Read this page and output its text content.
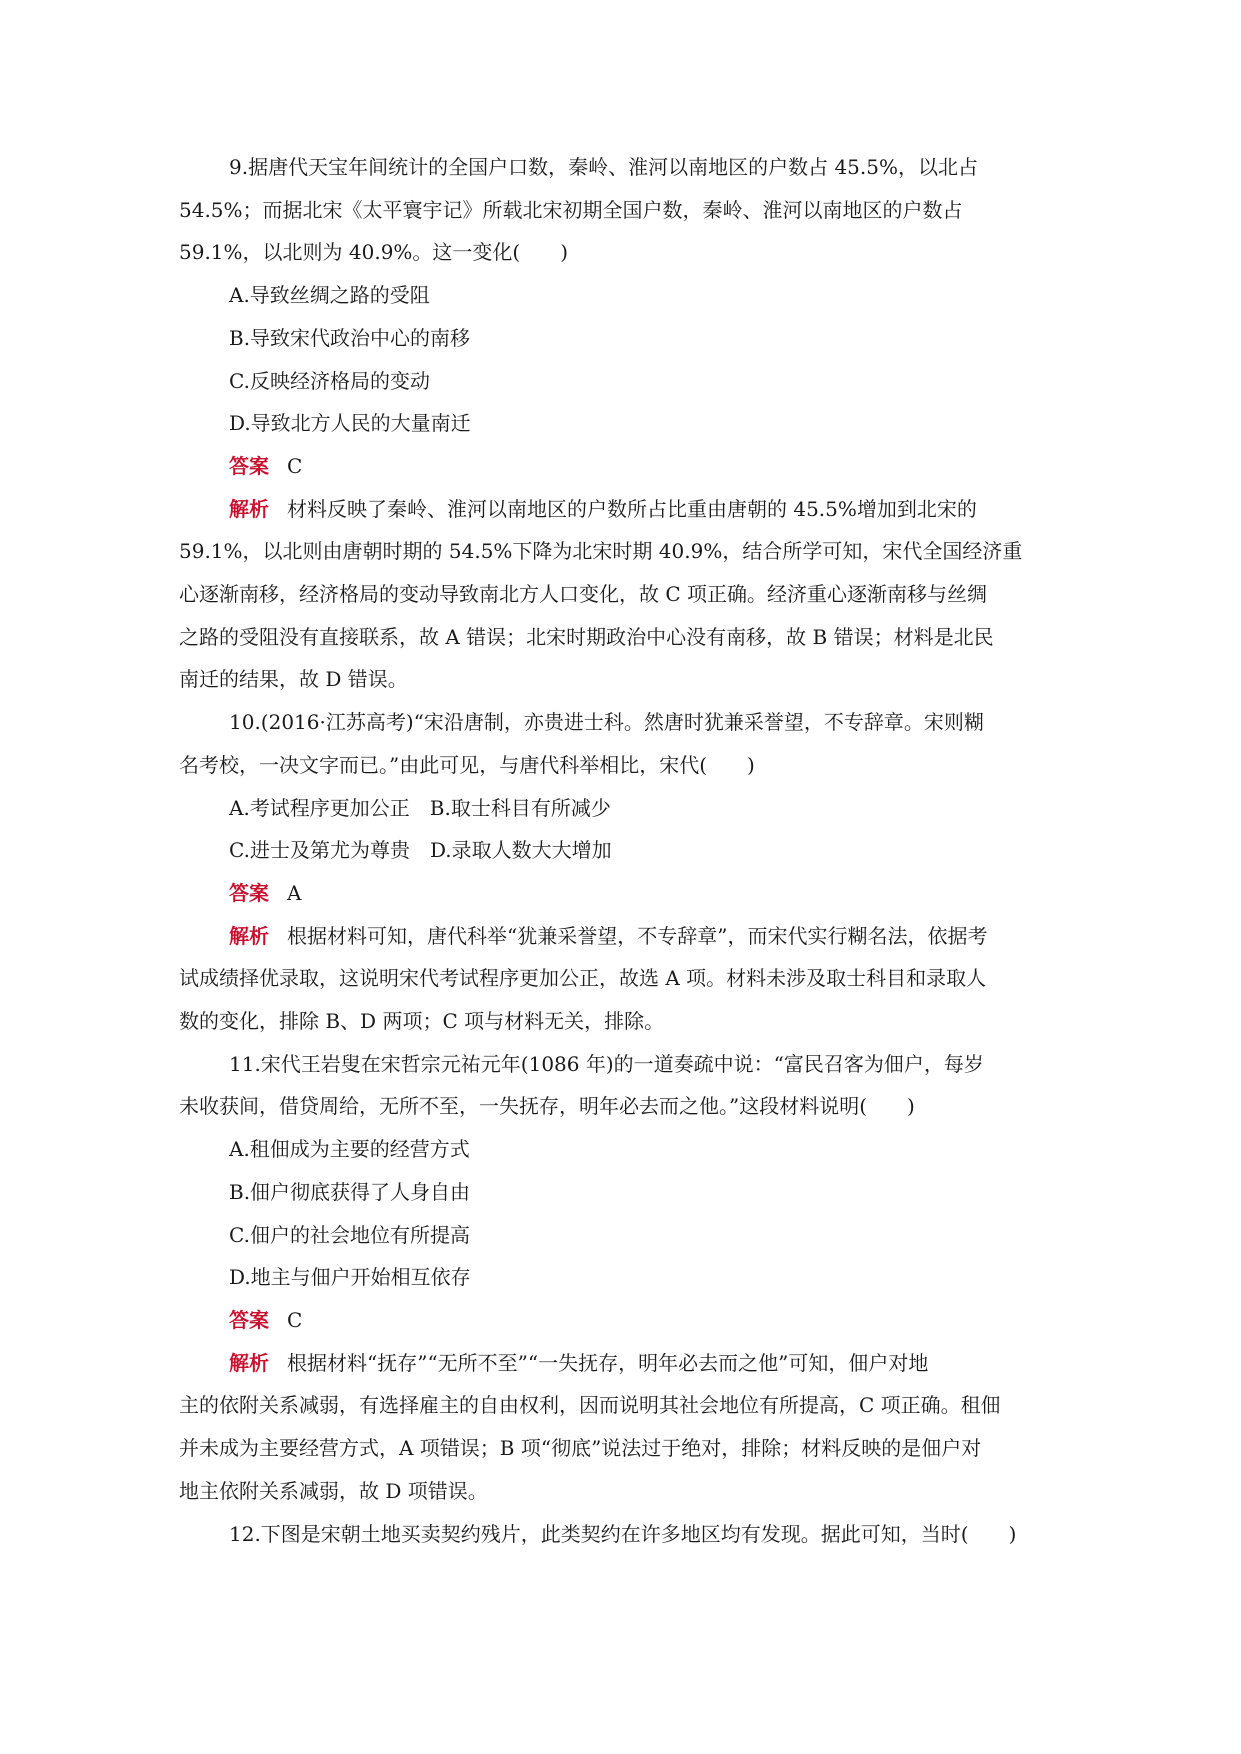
9.据唐代天宝年间统计的全国户口数，秦岭、淮河以南地区的户数占 45.5%，以北占
54.5%；而据北宋《太平寰宇记》所载北宋初期全国户数，秦岭、淮河以南地区的户数占
59.1%，以北则为 40.9%。这一变化(　　)
A.导致丝绸之路的受阻
B.导致宋代政治中心的南移
C.反映经济格局的变动
D.导致北方人民的大量南迁
答案 C
解析 材料反映了秦岭、淮河以南地区的户数所占比重由唐朝的 45.5%增加到北宋的
59.1%，以北则由唐朝时期的 54.5%下降为北宋时期 40.9%，结合所学可知，宋代全国经济重
心逐渐南移，经济格局的变动导致南北方人口变化，故 C 项正确。经济重心逐渐南移与丝绸
之路的受阻没有直接联系，故 A 错误；北宋时期政治中心没有南移，故 B 错误；材料是北民
南迁的结果，故 D 错误。
10.(2016·江苏高考)“宋沿唐制，亦贵进士科。然唐时犹兼采誉望，不专辞章。宋则糊
名考校，一决文字而已。”由此可见，与唐代科举相比，宋代(　　)
A.考试程序更加公正　B.取士科目有所减少
C.进士及第尤为尊贵　D.录取人数大大增加
答案 A
解析 根据材料可知，唐代科举“犹兼采誉望，不专辞章”，而宋代实行糊名法，依据考
试成绩择优录取，这说明宋代考试程序更加公正，故选 A 项。材料未涉及取士科目和录取人
数的变化，排除 B、D 两项；C 项与材料无关，排除。
11.宋代王岩叟在宋哲宗元祐元年(1086 年)的一道奏疏中说：“富民召客为佃户，每岁
未收获间，借贷周给，无所不至，一失抚存，明年必去而之他。”这段材料说明(　　)
A.租佃成为主要的经营方式
B.佃户彻底获得了人身自由
C.佃户的社会地位有所提高
D.地主与佃户开始相互依存
答案 C
解析 根据材料“抚存”“无所不至”“一失抚存，明年必去而之他”可知，佃户对地
主的依附关系减弱，有选择雇主的自由权利，因而说明其社会地位有所提高，C 项正确。租佃
并未成为主要经营方式，A 项错误；B 项“彻底”说法过于绝对，排除；材料反映的是佃户对
地主依附关系减弱，故 D 项错误。
12.下图是宋朝土地买卖契约残片，此类契约在许多地区均有发现。据此可知，当时(　　)
